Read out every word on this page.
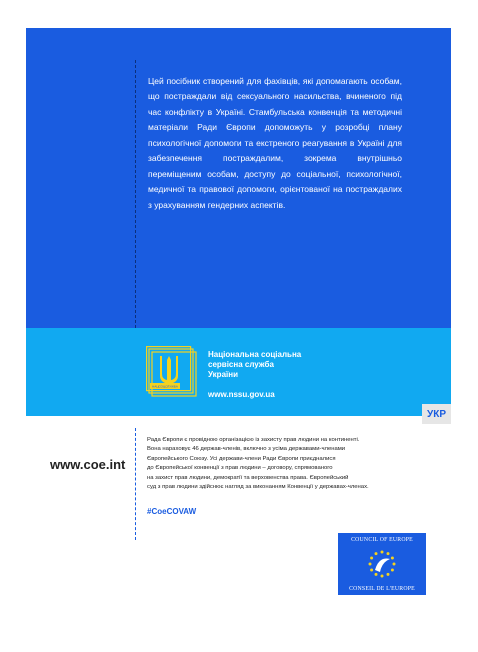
Цей посібник створений для фахівців, які допомагають особам, що постраждали від сексуального насильства, вчиненого під час конфлікту в Україні. Стамбульська конвенція та методичні матеріали Ради Європи допоможуть у розробці плану психологічної допомоги та екстреного реагування в Україні для забезпечення постраждалим, зокрема внутрішньо переміщеним особам, доступу до соціальної, психологічної, медичної та правової допомоги, орієнтованої на постраждалих з урахуванням гендерних аспектів.

НАЦСОЦСЛУЖБА
Національна соціальна
сервісна служба
України
www.nssu.gov.ua
УКР
www.coe.int
Рада Європи є провідною організацією із захисту прав людини на континенті.
Вона нараховує 46 держав-членів, включно з усіма державами-членами
Європейського Союзу. Усі держави-члени Ради Європи приєдналися
до Європейської конвенції з прав людини – договору, спрямованого
на захист прав людини, демократії та верховенства права. Європейський
суд з прав людини здійснює нагляд за виконанням Конвенції у державах-членах.
#CoeCOVAW
COUNCIL OF EUROPE
CONSEIL DE L'EUROPE
